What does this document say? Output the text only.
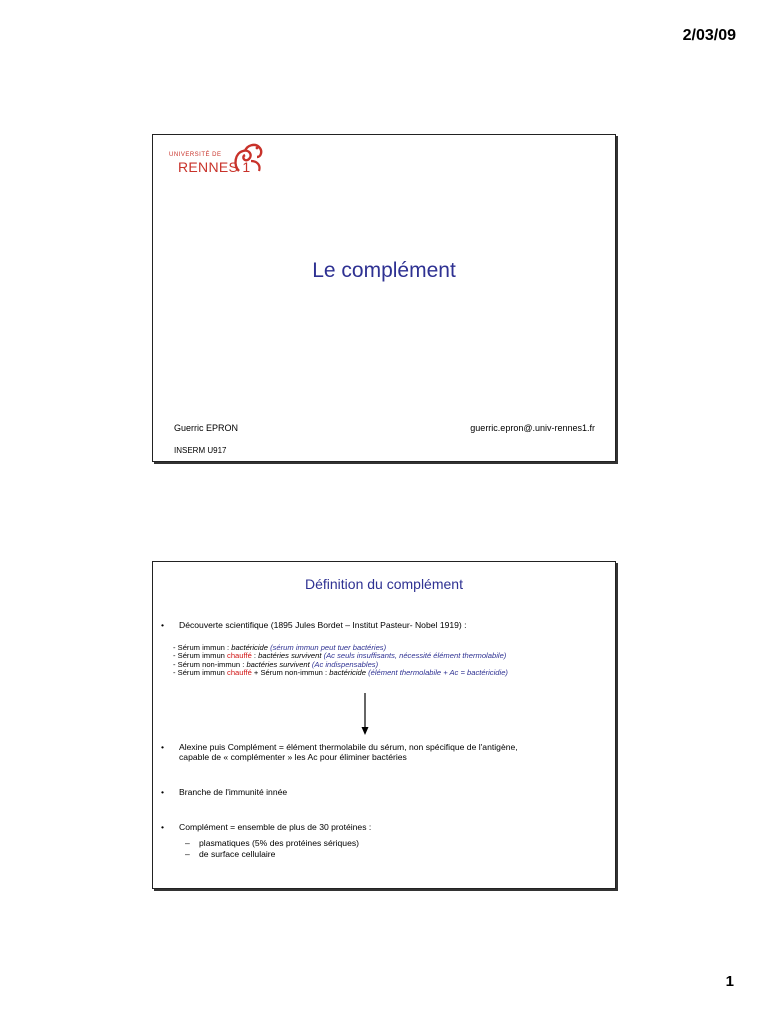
2/03/09
UNIVERSITÉ DE
RENNES 1
Le complément
Guerric EPRON	guerric.epron@.univ-rennes1.fr
INSERM U917
Définition du complément
• Découverte scientifique (1895 Jules Bordet – Institut Pasteur- Nobel 1919) :
- Sérum immun : bactéricide (sérum immun peut tuer bactéries)
- Sérum immun chauffé : bactéries survivent (Ac seuls insuffisants, nécessité élément thermolabile)
- Sérum non-immun : bactéries survivent (Ac indispensables)
- Sérum immun chauffé + Sérum non-immun : bactéricide (élément thermolabile + Ac = bactéricidie)
• Alexine puis Complément = élément thermolabile du sérum, non spécifique de l'antigène,
capable de « complémenter » les Ac pour éliminer bactéries
• Branche de l'immunité innée
• Complément = ensemble de plus de 30 protéines :
– plasmatiques (5% des protéines sériques)
– de surface cellulaire
1
